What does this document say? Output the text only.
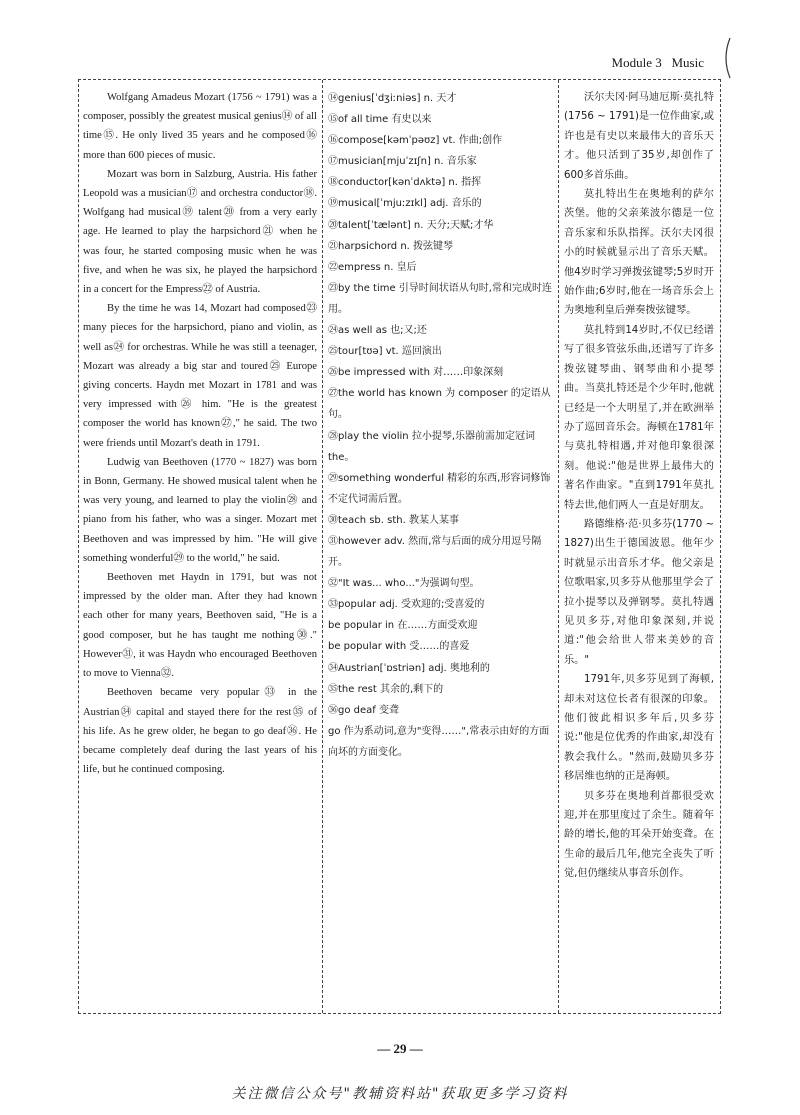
Module 3 Music

Wolfgang Amadeus Mozart (1756 ~ 1791) was a composer, possibly the greatest musical genius⑭ of all time⑮. He only lived 35 years and he composed⑯ more than 600 pieces of music.

Mozart was born in Salzburg, Austria. His father Leopold was a musician⑰ and orchestra conductor⑱. Wolfgang had musical⑲ talent⑳ from a very early age. He learned to play the harpsichord㉑ when he was four, he started composing music when he was five, and when he was six, he played the harpsichord in a concert for the Empress㉒ of Austria.

By the time he was 14, Mozart had composed㉓ many pieces for the harpsichord, piano and violin, as well as㉔ for orchestras. While he was still a teenager, Mozart was already a big star and toured㉕ Europe giving concerts. Haydn met Mozart in 1781 and was very impressed with㉖ him. "He is the greatest composer the world has known㉗," he said. The two were friends until Mozart's death in 1791.

Ludwig van Beethoven (1770 ~ 1827) was born in Bonn, Germany. He showed musical talent when he was very young, and learned to play the violin㉘ and piano from his father, who was a singer. Mozart met Beethoven and was impressed by him. "He will give something wonderful㉙ to the world," he said.

Beethoven met Haydn in 1791, but was not impressed by the older man. After they had known each other for many years, Beethoven said, "He is a good composer, but he has taught me nothing㉚." However㉛, it was Haydn who encouraged Beethoven to move to Vienna㉜.

Beethoven became very popular㉝ in the Austrian㉞ capital and stayed there for the rest㉟ of his life. As he grew older, he began to go deaf㊱. He became completely deaf during the last years of his life, but he continued composing.

⑭genius[ˈdʒiːniəs] n. 天才
⑮of all time 有史以来
⑯compose[kəmˈpəʊz] vt. 作曲;创作
⑰musician[mjuˈzɪʃn] n. 音乐家
⑱conductor[kənˈdʌktə] n. 指挥
⑲musical[ˈmjuːzɪkl] adj. 音乐的
⑳talent[ˈtælənt] n. 天分;天赋;才华
㉑harpsichord n. 拨弦键琴
㉒empress n. 皇后
㉓by the time 引导时间状语从句时,常和完成时连用。
㉔as well as 也;又;还
㉕tour[tʊə] vt. 巡回演出
㉖be impressed with 对……印象深刻
㉗the world has known 为 composer 的定语从句。
㉘play the violin 拉小提琴,乐器前需加定冠词 the。
㉙something wonderful 精彩的东西,形容词修饰不定代词需后置。
㉚teach sb. sth. 教某人某事
㉛however adv. 然而,常与后面的成分用逗号隔开。
㉜"It was... who..."为强调句型。
㉝popular adj. 受欢迎的;受喜爱的
be popular in 在……方面受欢迎
be popular with 受……的喜爱
㉞Austrian[ˈɒstriən] adj. 奥地利的
㉟the rest 其余的,剩下的
㊱go deaf 变聋
go 作为系动词,意为"变得……",常表示由好的方面向坏的方面变化。

沃尔夫冈·阿马迪厄斯·莫扎特(1756 ~ 1791)是一位作曲家,或许也是有史以来最伟大的音乐天才。他只活到了35岁,却创作了600多首乐曲。

莫扎特出生在奥地利的萨尔茨堡。他的父亲莱波尔德是一位音乐家和乐队指挥。沃尔夫冈很小的时候就显示出了音乐天赋。他4岁时学习弹拨弦键琴;5岁时开始作曲;6岁时,他在一场音乐会上为奥地利皇后弹奏拨弦键琴。

莫扎特到14岁时,不仅已经谱写了很多管弦乐曲,还谱写了许多拨弦键琴曲、钢琴曲和小提琴曲。当莫扎特还是个少年时,他就已经是一个大明星了,并在欧洲举办了巡回音乐会。海顿在1781年与莫扎特相遇,并对他印象很深刻。他说:"他是世界上最伟大的著名作曲家。"直到1791年莫扎特去世,他们两人一直是好朋友。

路德维格·范·贝多芬(1770 ~ 1827)出生于德国波恩。他年少时就显示出音乐才华。他父亲是位歌唱家,贝多芬从他那里学会了拉小提琴以及弹钢琴。莫扎特遇见贝多芬,对他印象深刻,并说道:"他会给世人带来美妙的音乐。"

1791年,贝多芬见到了海顿,却未对这位长者有很深的印象。他们彼此相识多年后,贝多芬说:"他是位优秀的作曲家,却没有教会我什么。"然而,鼓励贝多芬移居维也纳的正是海顿。

贝多芬在奥地利首都很受欢迎,并在那里度过了余生。随着年龄的增长,他的耳朵开始变聋。在生命的最后几年,他完全丧失了听觉,但仍继续从事音乐创作。

— 29 —
关注微信公众号"教辅资料站"获取更多学习资料
